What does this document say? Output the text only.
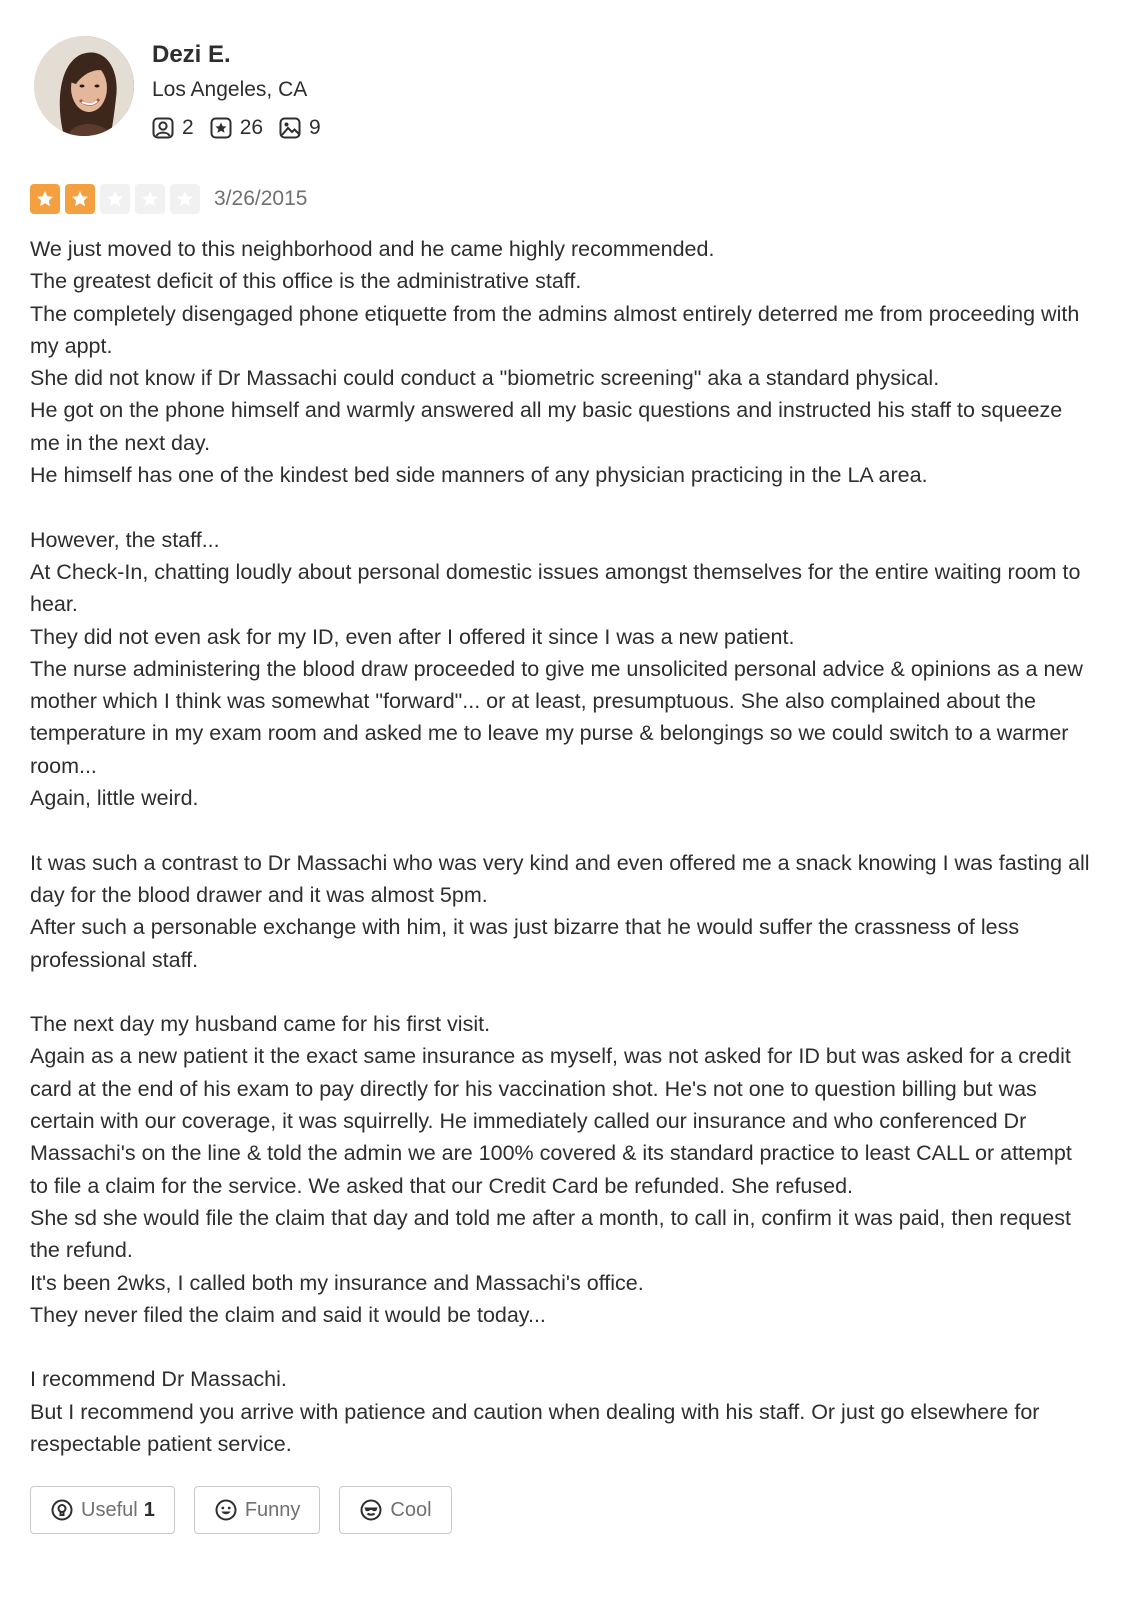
Dezi E.
Los Angeles, CA
2 26 9
3/26/2015
We just moved to this neighborhood and he came highly recommended.
The greatest deficit of this office is the administrative staff.
The completely disengaged phone etiquette from the admins almost entirely deterred me from proceeding with my appt.
She did not know if Dr Massachi could conduct a "biometric screening" aka a standard physical.
He got on the phone himself and warmly answered all my basic questions and instructed his staff to squeeze me in the next day.
He himself has one of the kindest bed side manners of any physician practicing in the LA area.

However, the staff...
At Check-In, chatting loudly about personal domestic issues amongst themselves for the entire waiting room to hear.
They did not even ask for my ID, even after I offered it since I was a new patient.
The nurse administering the blood draw proceeded to give me unsolicited personal advice & opinions as a new mother which I think was somewhat "forward"... or at least, presumptuous. She also complained about the temperature in my exam room and asked me to leave my purse & belongings so we could switch to a warmer room...
Again, little weird.

It was such a contrast to Dr Massachi who was very kind and even offered me a snack knowing I was fasting all day for the blood drawer and it was almost 5pm.
After such a personable exchange with him, it was just bizarre that he would suffer the crassness of less professional staff.

The next day my husband came for his first visit.
Again as a new patient it the exact same insurance as myself, was not asked for ID but was asked for a credit card at the end of his exam to pay directly for his vaccination shot. He's not one to question billing but was certain with our coverage, it was squirrelly. He immediately called our insurance and who conferenced Dr Massachi's on the line & told the admin we are 100% covered & its standard practice to least CALL or attempt to file a claim for the service. We asked that our Credit Card be refunded. She refused.
She sd she would file the claim that day and told me after a month, to call in, confirm it was paid, then request the refund.
It's been 2wks, I called both my insurance and Massachi's office.
They never filed the claim and said it would be today...

I recommend Dr Massachi.
But I recommend you arrive with patience and caution when dealing with his staff. Or just go elsewhere for respectable patient service.
Useful 1	Funny	Cool
